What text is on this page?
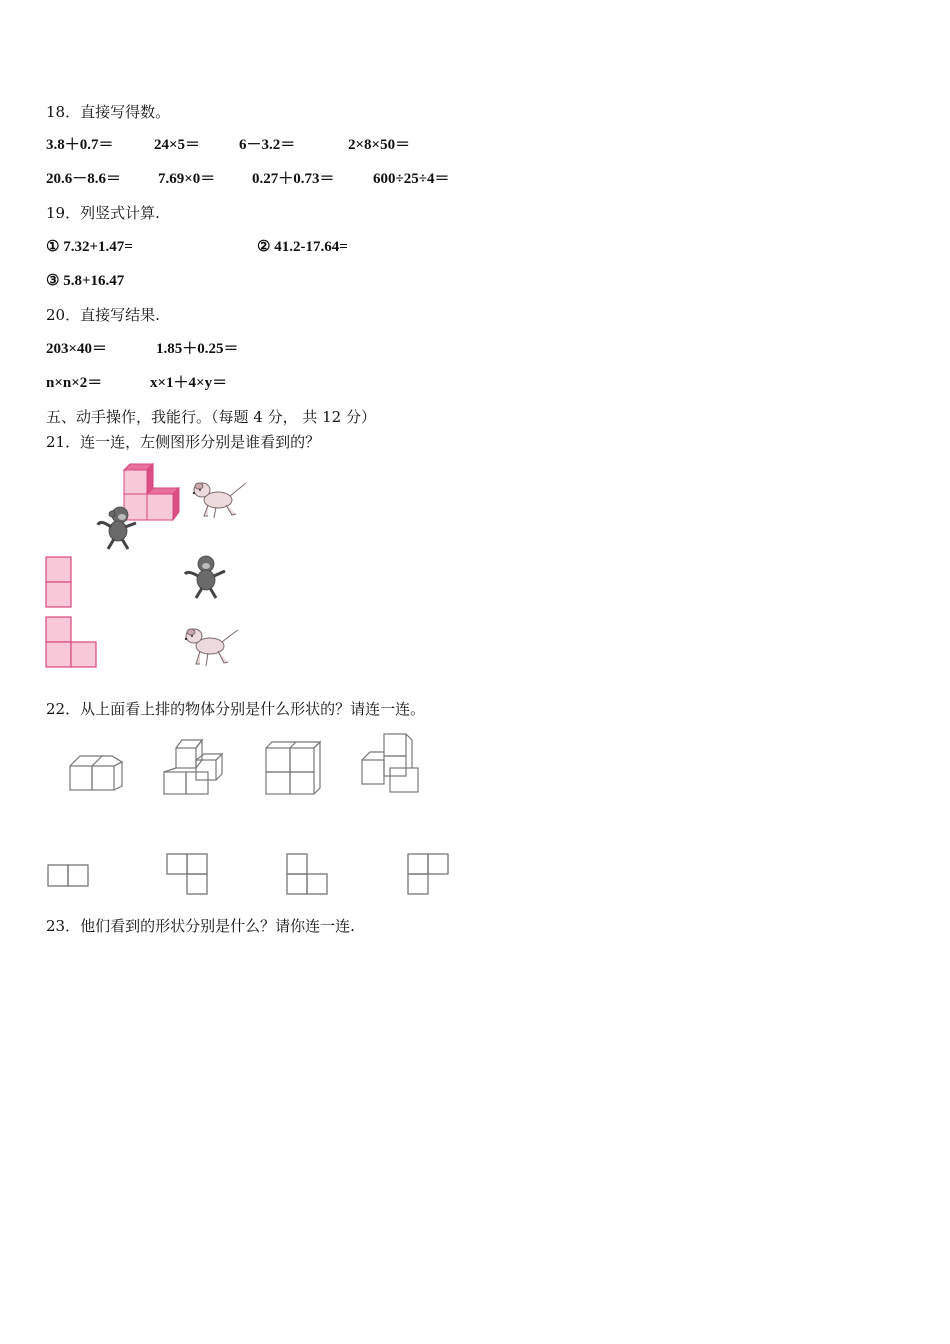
18．直接写得数。
3.8＋0.7＝	24×5＝	6－3.2＝	2×8×50＝
20.6－8.6＝ 7.69×0＝ 0.27＋0.73＝	600÷25÷4＝
19．列竖式计算.
① 7.32+1.47=	② 41.2-17.64=
③ 5.8+16.47
20．直接写结果.
203×40＝	1.85＋0.25＝
n×n×2＝	x×1＋4×y＝
五、动手操作，我能行。（每题 4 分， 共 12 分）
21．连一连，左侧图形分别是谁看到的？
22．从上面看上排的物体分别是什么形状的？请连一连。
23．他们看到的形状分别是什么？请你连一连.
